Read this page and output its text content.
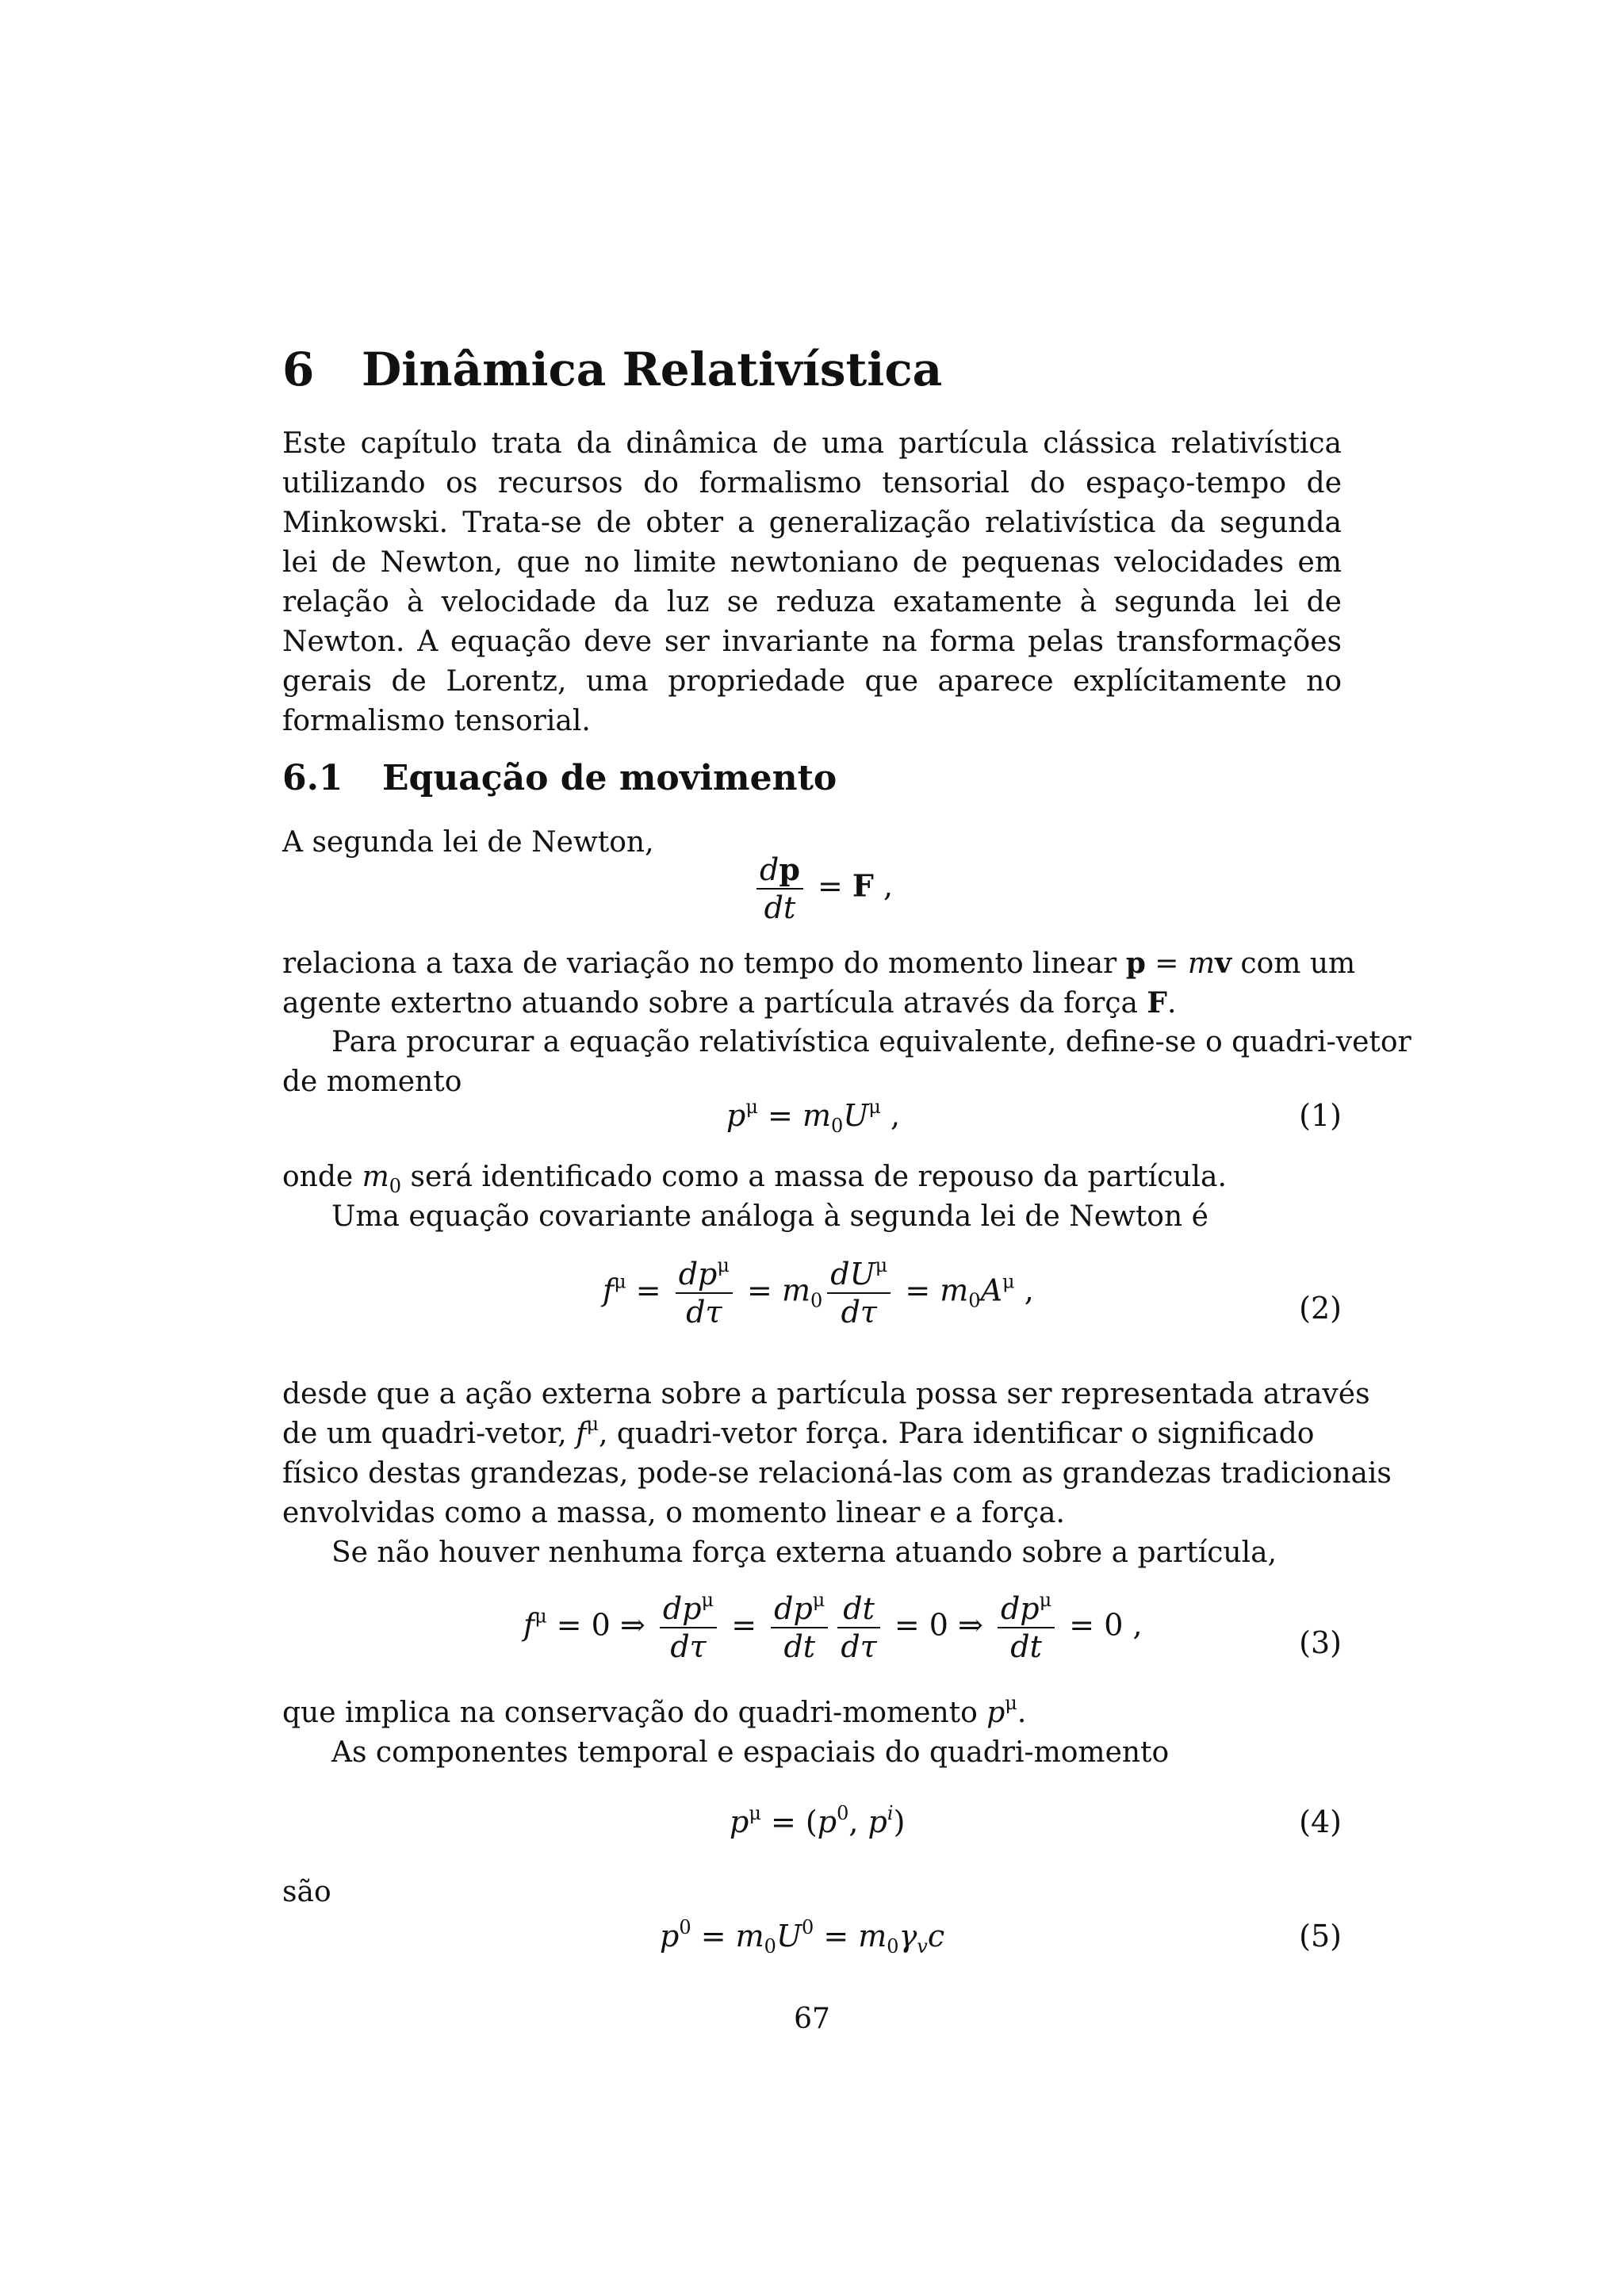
6 Dinâmica Relativística
Este capítulo trata da dinâmica de uma partícula clássica relativística utilizando os recursos do formalismo tensorial do espaço-tempo de Minkowski. Trata-se de obter a generalização relativística da segunda lei de Newton, que no limite newtoniano de pequenas velocidades em relação à velocidade da luz se reduza exatamente à segunda lei de Newton. A equação deve ser invariante na forma pelas transformações gerais de Lorentz, uma propriedade que aparece explícitamente no formalismo tensorial.
6.1 Equação de movimento
A segunda lei de Newton,
$\frac{dp}{dt} = F$ ,
relaciona a taxa de variação no tempo do momento linear p = mv com um
agente extertno atuando sobre a partícula através da força F.
Para procurar a equação relativística equivalente, define-se o quadri-vetor
de momento
$p^\mu = m_0U^\mu$ ,	(1)
onde $m_0$ será identificado como a massa de repouso da partícula.
Uma equação covariante análoga à segunda lei de Newton é
$f^\mu = \frac{dp^\mu}{d\tau} = m_0 \frac{dU^\mu}{d\tau} = m_0A^\mu$ ,
(2)
desde que a ação externa sobre a partícula possa ser representada através
de um quadri-vetor, $f^\mu$, quadri-vetor força. Para identificar o significado
físico destas grandezas, pode-se relacioná-las com as grandezas tradicionais
envolvidas como a massa, o momento linear e a força.
Se não houver nenhuma força externa atuando sobre a partícula,
$f^\mu = 0$ ⇒ $\frac{dp^\mu}{d\tau} = \frac{dp^\mu}{dt} \frac{dt}{d\tau} = 0$ ⇒ $\frac{dp^\mu}{dt} = 0$ ,
(3)
que implica na conservação do quadri-momento $p^\mu$.
As componentes temporal e espaciais do quadri-momento
$p^\mu = (p^0$, $p^i$)	(4)
são
$p^0 = m_0U^0 = m_0\gamma_vc$	(5)
67
